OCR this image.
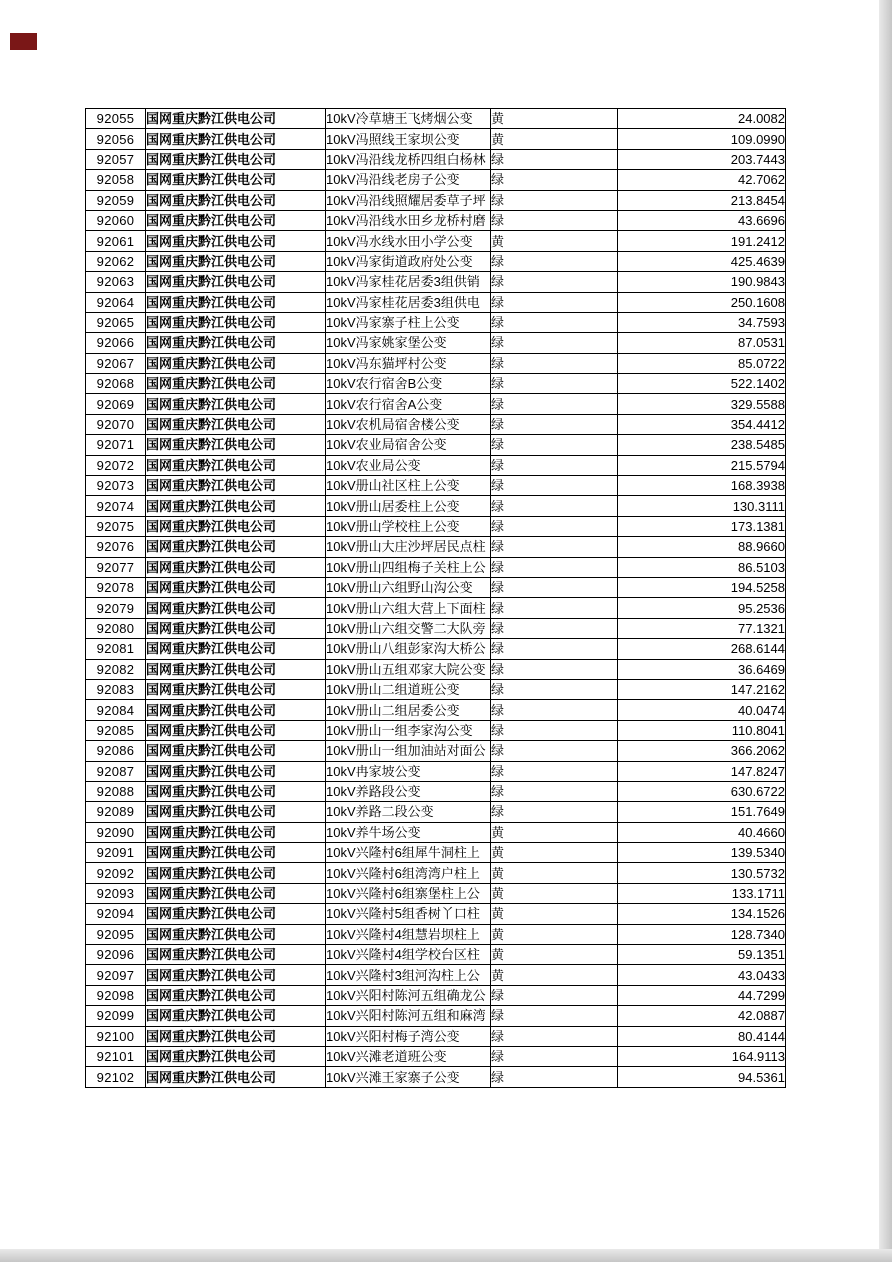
92055	国网重庆黔江供电公司	10kV冷草塘王飞烤烟公变	黄	24.0082
92056	国网重庆黔江供电公司	10kV冯照线王家坝公变	黄	109.0990
92057	国网重庆黔江供电公司	10kV冯沿线龙桥四组白杨林	绿	203.7443
92058	国网重庆黔江供电公司	10kV冯沿线老房子公变	绿	42.7062
92059	国网重庆黔江供电公司	10kV冯沿线照耀居委草子坪	绿	213.8454
92060	国网重庆黔江供电公司	10kV冯沿线水田乡龙桥村磨	绿	43.6696
92061	国网重庆黔江供电公司	10kV冯水线水田小学公变	黄	191.2412
92062	国网重庆黔江供电公司	10kV冯家街道政府处公变	绿	425.4639
92063	国网重庆黔江供电公司	10kV冯家桂花居委3组供销	绿	190.9843
92064	国网重庆黔江供电公司	10kV冯家桂花居委3组供电	绿	250.1608
92065	国网重庆黔江供电公司	10kV冯家寨子柱上公变	绿	34.7593
92066	国网重庆黔江供电公司	10kV冯家姚家堡公变	绿	87.0531
92067	国网重庆黔江供电公司	10kV冯东猫坪村公变	绿	85.0722
92068	国网重庆黔江供电公司	10kV农行宿舍B公变	绿	522.1402
92069	国网重庆黔江供电公司	10kV农行宿舍A公变	绿	329.5588
92070	国网重庆黔江供电公司	10kV农机局宿舍楼公变	绿	354.4412
92071	国网重庆黔江供电公司	10kV农业局宿舍公变	绿	238.5485
92072	国网重庆黔江供电公司	10kV农业局公变	绿	215.5794
92073	国网重庆黔江供电公司	10kV册山社区柱上公变	绿	168.3938
92074	国网重庆黔江供电公司	10kV册山居委柱上公变	绿	130.3111
92075	国网重庆黔江供电公司	10kV册山学校柱上公变	绿	173.1381
92076	国网重庆黔江供电公司	10kV册山大庄沙坪居民点柱	绿	88.9660
92077	国网重庆黔江供电公司	10kV册山四组梅子关柱上公	绿	86.5103
92078	国网重庆黔江供电公司	10kV册山六组野山沟公变	绿	194.5258
92079	国网重庆黔江供电公司	10kV册山六组大营上下面柱	绿	95.2536
92080	国网重庆黔江供电公司	10kV册山六组交警二大队旁	绿	77.1321
92081	国网重庆黔江供电公司	10kV册山八组彭家沟大桥公	绿	268.6144
92082	国网重庆黔江供电公司	10kV册山五组邓家大院公变	绿	36.6469
92083	国网重庆黔江供电公司	10kV册山二组道班公变	绿	147.2162
92084	国网重庆黔江供电公司	10kV册山二组居委公变	绿	40.0474
92085	国网重庆黔江供电公司	10kV册山一组李家沟公变	绿	110.8041
92086	国网重庆黔江供电公司	10kV册山一组加油站对面公	绿	366.2062
92087	国网重庆黔江供电公司	10kV冉家坡公变	绿	147.8247
92088	国网重庆黔江供电公司	10kV养路段公变	绿	630.6722
92089	国网重庆黔江供电公司	10kV养路二段公变	绿	151.7649
92090	国网重庆黔江供电公司	10kV养牛场公变	黄	40.4660
92091	国网重庆黔江供电公司	10kV兴隆村6组犀牛洞柱上	黄	139.5340
92092	国网重庆黔江供电公司	10kV兴隆村6组湾湾户柱上	黄	130.5732
92093	国网重庆黔江供电公司	10kV兴隆村6组寨堡柱上公	黄	133.1711
92094	国网重庆黔江供电公司	10kV兴隆村5组香树丫口柱	黄	134.1526
92095	国网重庆黔江供电公司	10kV兴隆村4组慧岩坝柱上	黄	128.7340
92096	国网重庆黔江供电公司	10kV兴隆村4组学校台区柱	黄	59.1351
92097	国网重庆黔江供电公司	10kV兴隆村3组河沟柱上公	黄	43.0433
92098	国网重庆黔江供电公司	10kV兴阳村陈河五组确龙公	绿	44.7299
92099	国网重庆黔江供电公司	10kV兴阳村陈河五组和麻湾	绿	42.0887
92100	国网重庆黔江供电公司	10kV兴阳村梅子湾公变	绿	80.4144
92101	国网重庆黔江供电公司	10kV兴滩老道班公变	绿	164.9113
92102	国网重庆黔江供电公司	10kV兴滩王家寨子公变	绿	94.5361
